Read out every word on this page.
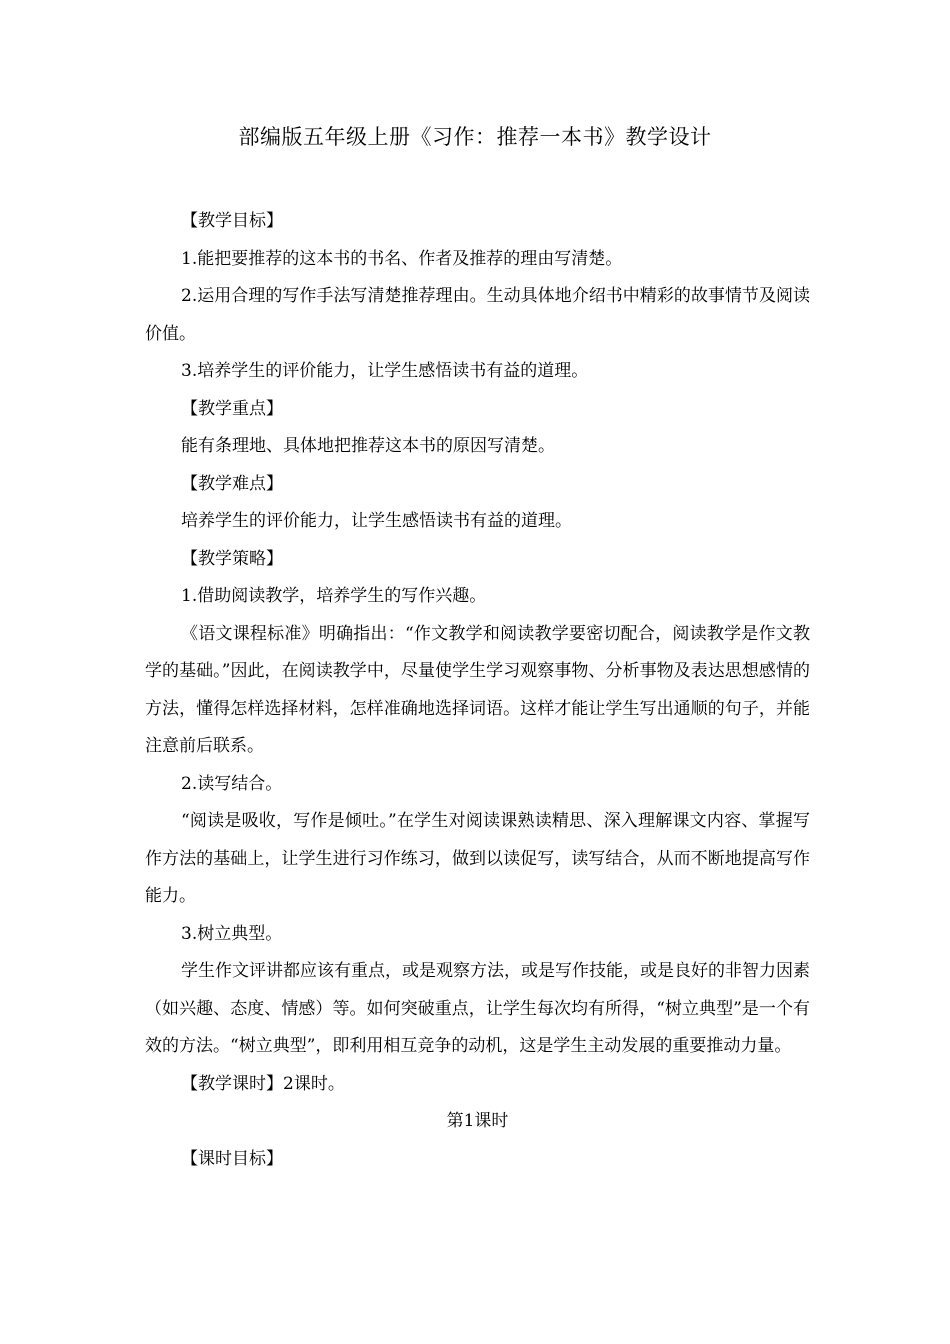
部编版五年级上册《习作：推荐一本书》教学设计

【教学目标】

1.能把要推荐的这本书的书名、作者及推荐的理由写清楚。

2.运用合理的写作手法写清楚推荐理由。生动具体地介绍书中精彩的故事情节及阅读价值。

3.培养学生的评价能力，让学生感悟读书有益的道理。

【教学重点】

能有条理地、具体地把推荐这本书的原因写清楚。

【教学难点】

培养学生的评价能力，让学生感悟读书有益的道理。

【教学策略】

1.借助阅读教学，培养学生的写作兴趣。

《语文课程标准》明确指出：“作文教学和阅读教学要密切配合，阅读教学是作文教学的基础。”因此，在阅读教学中，尽量使学生学习观察事物、分析事物及表达思想感情的方法，懂得怎样选择材料，怎样准确地选择词语。这样才能让学生写出通顺的句子，并能注意前后联系。

2.读写结合。

“阅读是吸收，写作是倾吐。”在学生对阅读课熟读精思、深入理解课文内容、掌握写作方法的基础上，让学生进行习作练习，做到以读促写，读写结合，从而不断地提高写作能力。

3.树立典型。

学生作文评讲都应该有重点，或是观察方法，或是写作技能，或是良好的非智力因素（如兴趣、态度、情感）等。如何突破重点，让学生每次均有所得，“树立典型”是一个有效的方法。“树立典型”，即利用相互竞争的动机，这是学生主动发展的重要推动力量。

【教学课时】2课时。

第1课时

【课时目标】
